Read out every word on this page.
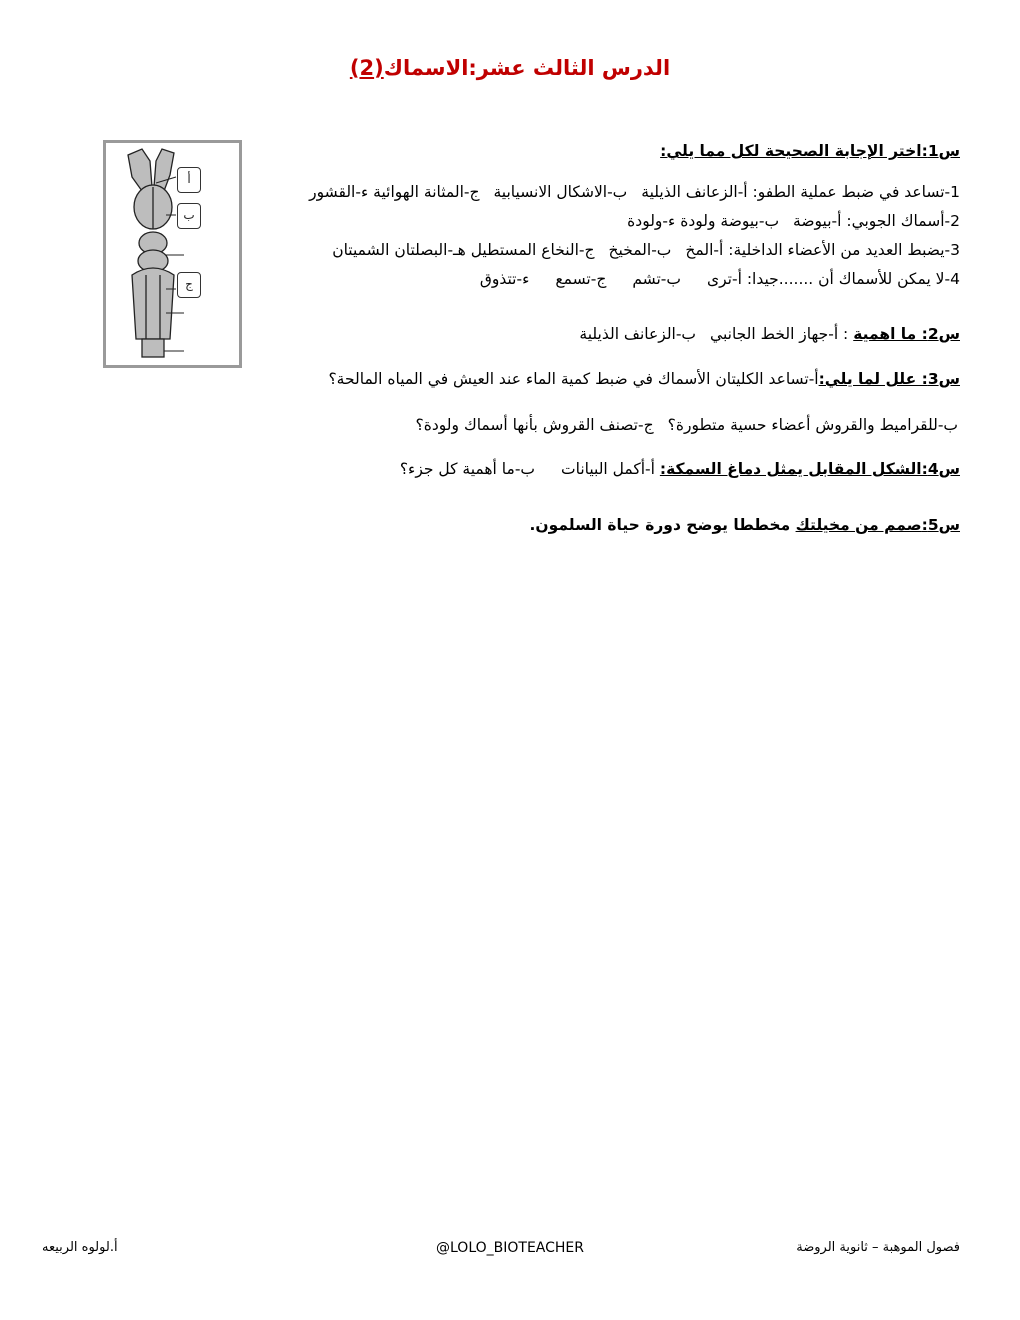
الدرس الثالث عشر:الاسماك(2)
س1:اختر الإجابة الصحيحة لكل مما يلي:
1-تساعد في ضبط عملية الطفو: أ-الزعانف الذيليةب-الاشكال الانسيابيةج-المثانة الهوائية ء-القشور
2-أسماك الجوبي: أ-بيوضةب-بيوضة ولودة ء-ولودة
3-يضبط العديد من الأعضاء الداخلية: أ-المخب-المخيخج-النخاع المستطيل هـ-البصلتان الشميتان
4-لا يمكن للأسماك أن .......جيدا: أ-ترىب-تشمج-تسمعء-تتذوق
س2: ما اهمية : أ-جهاز الخط الجانبيب-الزعانف الذيلية
س3: علل لما يلي:أ-تساعد الكليتان الأسماك في ضبط كمية الماء عند العيش في المياه المالحة؟
ب-للقراميط والقروش أعضاء حسية متطورة؟ج-تصنف القروش بأنها أسماك ولودة؟
س4:الشكل المقابل يمثل دماغ السمكة: أ-أكمل البياناتب-ما أهمية كل جزء؟
س5:صمم من مخيلتك مخططا يوضح دورة حياة السلمون.
أ
ب
ج
فصول الموهبة – ثانوية الروضة
@LOLO_BIOTEACHER
أ.لولوه الربيعه
